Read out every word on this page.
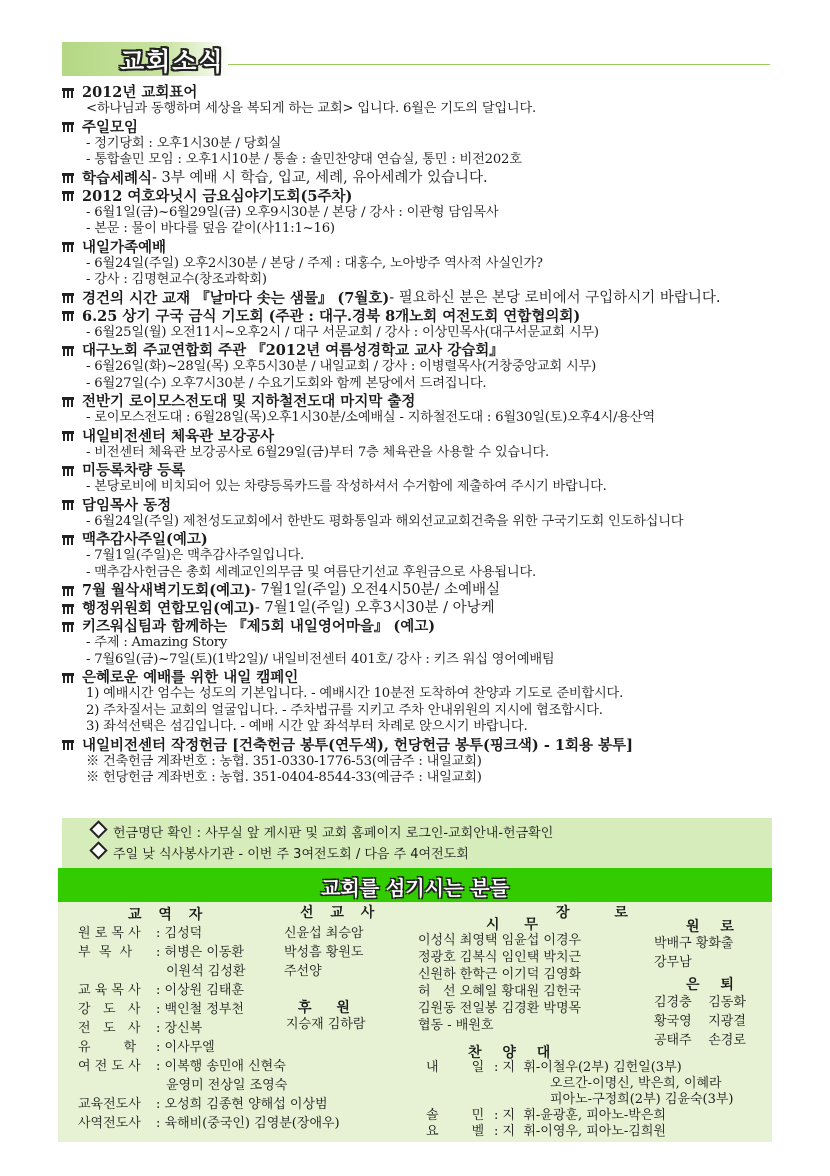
교회소식
2012년 교회표어
<하나님과 동행하며 세상을 복되게 하는 교회> 입니다. 6월은 기도의 달입니다.
주일모임
- 정기당회 : 오후1시30분 / 당회실
- 통합솔민 모임 : 오후1시10분 / 통솔 : 솔민찬양대 연습실, 통민 : 비전202호
학습세례식 - 3부 예배 시 학습, 입교, 세례, 유아세례가 있습니다.
2012 여호와닛시 금요심야기도회(5주차)
- 6월1일(금)~6월29일(금) 오후9시30분 / 본당 / 강사 : 이관형 담임목사
- 본문 : 물이 바다를 덮음 같이(사11:1~16)
내일가족예배
- 6월24일(주일) 오후2시30분 / 본당 / 주제 : 대홍수, 노아방주 역사적 사실인가?
- 강사 : 김명현교수(창조과학회)
경건의 시간 교재 『날마다 솟는 샘물』 (7월호) - 필요하신 분은 본당 로비에서 구입하시기 바랍니다.
6.25 상기 구국 금식 기도회 (주관 : 대구.경북 8개노회 여전도회 연합협의회)
- 6월25일(월) 오전11시~오후2시 / 대구 서문교회 / 강사 : 이상민목사(대구서문교회 시무)
대구노회 주교연합회 주관 『2012년 여름성경학교 교사 강습회』
- 6월26일(화)~28일(목) 오후5시30분 / 내일교회 / 강사 : 이병렬목사(거창중앙교회 시무)
- 6월27일(수) 오후7시30분 / 수요기도회와 함께 본당에서 드려집니다.
전반기 로이모스전도대 및 지하철전도대 마지막 출정
- 로이모스전도대 : 6월28일(목)오후1시30분/소예배실 - 지하철전도대 : 6월30일(토)오후4시/용산역
내일비전센터 체육관 보강공사
- 비전센터 체육관 보강공사로 6월29일(금)부터 7층 체육관을 사용할 수 있습니다.
미등록차량 등록
- 본당로비에 비치되어 있는 차량등록카드를 작성하셔서 수거함에 제출하여 주시기 바랍니다.
담임목사 동정
- 6월24일(주일) 제천성도교회에서 한반도 평화통일과 해외선교교회건축을 위한 구국기도회 인도하십니다
맥추감사주일(예고)
- 7월1일(주일)은 맥추감사주일입니다.
- 맥추감사헌금은 총회 세례교인의무금 및 여름단기선교 후원금으로 사용됩니다.
7월 월삭새벽기도회(예고) - 7월1일(주일) 오전4시50분/ 소예배실
행정위원회 연합모임(예고) - 7월1일(주일) 오후3시30분 / 아낭케
키즈워십팀과 함께하는 『제5회 내일영어마을』 (예고)
- 주제 : Amazing Story
- 7월6일(금)~7일(토)(1박2일)/ 내일비전센터 401호/ 강사 : 키즈 워십 영어예배팀
은혜로운 예배를 위한 내일 캠페인
1) 예배시간 엄수는 성도의 기본입니다. - 예배시간 10분전 도착하여 찬양과 기도로 준비합시다.
2) 주차질서는 교회의 얼굴입니다. - 주차법규를 지키고 주차 안내위원의 지시에 협조합시다.
3) 좌석선택은 섬김입니다. - 예배 시간 앞 좌석부터 차례로 앉으시기 바랍니다.
내일비전센터 작정헌금 [건축헌금 봉투(연두색), 헌당헌금 봉투(핑크색) - 1회용 봉투]
※ 건축헌금 계좌번호 : 농협. 351-0330-1776-53(예금주 : 내일교회)
※ 헌당헌금 계좌번호 : 농협. 351-0404-8544-33(예금주 : 내일교회)
헌금명단 확인 : 사무실 앞 게시판 및 교회 홈페이지 로그인-교회안내-헌금확인
주일 낮 식사봉사기관 - 이번 주 3여전도회 / 다음 주 4여전도회
교회를 섬기시는 분들
교 역 자
원 로 목 사	: 김성덕
부  목  사	: 허병은 이동환
이원석 김성환
교 육 목 사	: 이상원 김태훈
강   도   사	: 백인철 정부천
전   도   사	: 장신복
유        학	: 이사무엘
여 전 도 사	: 이복행 송민애 신현숙
윤영미 전상일 조영숙
교육전도사	: 오성희 김종현 양해섭 이상범
사역전도사	: 육해비(중국인) 김영분(장애우)
선 교 사
신윤섭 최승암
박성흠 황원도
주선양
후 원
지승재 김하람
장 로
시 무
이성식 최영택 임윤섭 이경우
정광호 김복식 임인택 박치근
신원하 한학근 이기덕 김영화
허   선 오혜일 황대원 김헌국
김원동 전일봉 김경환 박명목
협동 - 배원호
원 로
박배구 황화출
강무남
은 퇴
김경충    김동화
황국영    지광결
공태주    손경로
찬 양 대
내        일 : 지  휘-이철우(2부) 김헌일(3부)
오르간-이명신, 박은희, 이혜라
피아노-구정희(2부) 김윤숙(3부)
솔        민 : 지  휘-윤광훈, 피아노-박은희
요        벨 : 지  휘-이영우, 피아노-김희원
